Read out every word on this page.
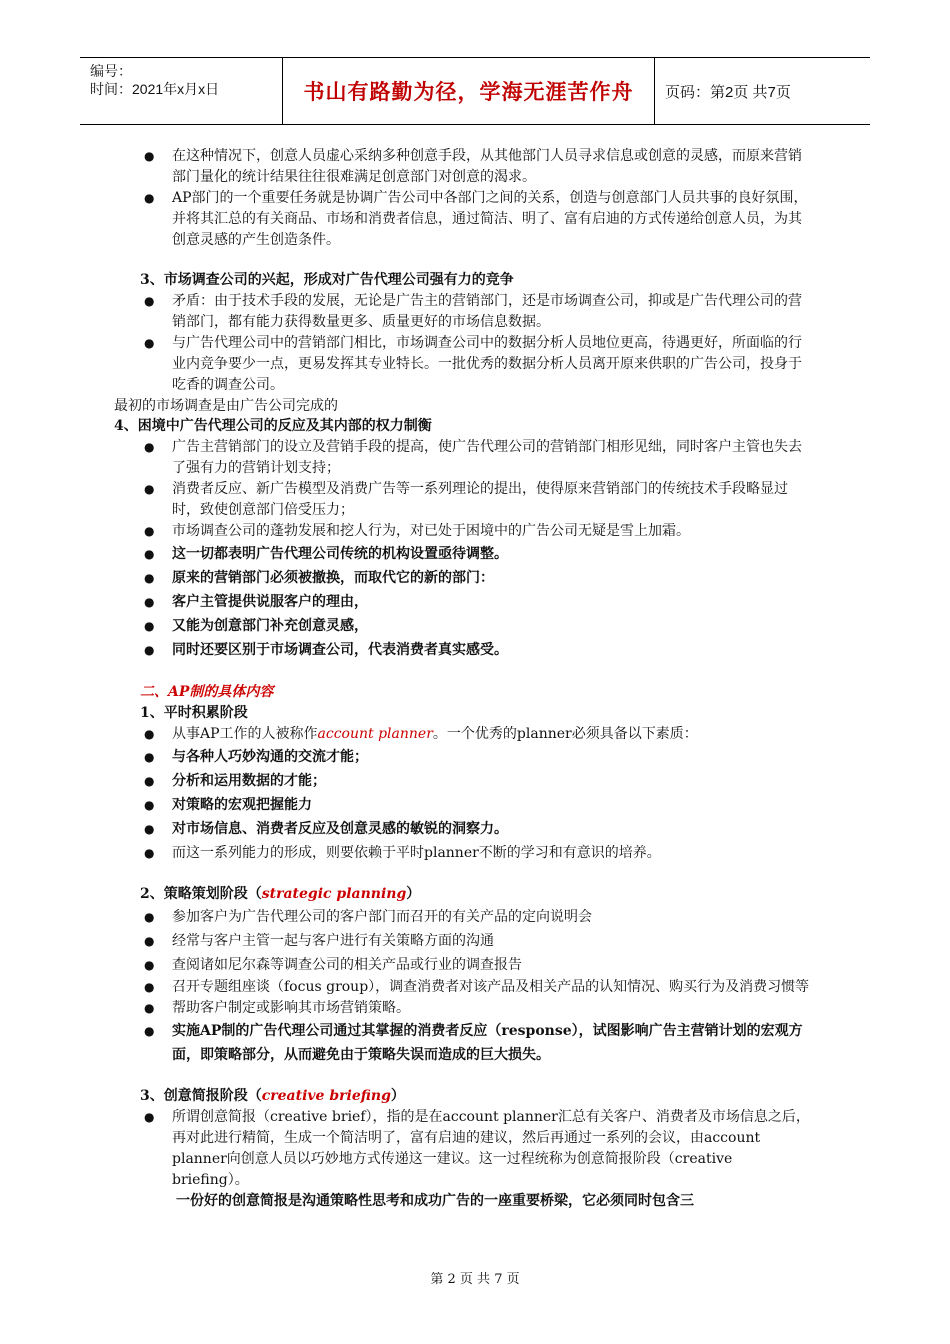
编号：
时间：2021年x月x日	书山有路勤为径，学海无涯苦作舟	页码：第2页 共7页
● 在这种情况下，创意人员虚心采纳多种创意手段，从其他部门人员寻求信息或创意的灵感，而原来营销部门量化的统计结果往往很难满足创意部门对创意的渴求。
● AP部门的一个重要任务就是协调广告公司中各部门之间的关系，创造与创意部门人员共事的良好氛围，并将其汇总的有关商品、市场和消费者信息，通过简洁、明了、富有启迪的方式传递给创意人员，为其创意灵感的产生创造条件。
3、市场调查公司的兴起，形成对广告代理公司强有力的竞争
● 矛盾：由于技术手段的发展，无论是广告主的营销部门，还是市场调查公司，抑或是广告代理公司的营销部门，都有能力获得数量更多、质量更好的市场信息数据。
● 与广告代理公司中的营销部门相比，市场调查公司中的数据分析人员地位更高，待遇更好，所面临的行业内竞争要少一点，更易发挥其专业特长。一批优秀的数据分析人员离开原来供职的广告公司，投身于吃香的调查公司。
最初的市场调查是由广告公司完成的
4、困境中广告代理公司的反应及其内部的权力制衡
● 广告主营销部门的设立及营销手段的提高，使广告代理公司的营销部门相形见绌，同时客户主管也失去了强有力的营销计划支持；
● 消费者反应、新广告模型及消费广告等一系列理论的提出，使得原来营销部门的传统技术手段略显过时，致使创意部门倍受压力；
● 市场调查公司的蓬勃发展和挖人行为，对已处于困境中的广告公司无疑是雪上加霜。
● 这一切都表明广告代理公司传统的机构设置亟待调整。
● 原来的营销部门必须被撤换，而取代它的新的部门：
● 客户主管提供说服客户的理由，
● 又能为创意部门补充创意灵感，
● 同时还要区别于市场调查公司，代表消费者真实感受。
二、AP制的具体内容
1、平时积累阶段
● 从事AP工作的人被称作account planner。一个优秀的planner必须具备以下素质：
● 与各种人巧妙沟通的交流才能；
● 分析和运用数据的才能；
● 对策略的宏观把握能力
● 对市场信息、消费者反应及创意灵感的敏锐的洞察力。
● 而这一系列能力的形成，则要依赖于平时planner不断的学习和有意识的培养。
2、策略策划阶段（strategic planning）
● 参加客户为广告代理公司的客户部门而召开的有关产品的定向说明会
● 经常与客户主管一起与客户进行有关策略方面的沟通
● 查阅诸如尼尔森等调查公司的相关产品或行业的调查报告
● 召开专题组座谈（focus group），调查消费者对该产品及相关产品的认知情况、购买行为及消费习惯等
● 帮助客户制定或影响其市场营销策略。
● 实施AP制的广告代理公司通过其掌握的消费者反应（response），试图影响广告主营销计划的宏观方面，即策略部分，从而避免由于策略失误而造成的巨大损失。
3、创意简报阶段（creative briefing）
● 所谓创意简报（creative brief），指的是在account planner汇总有关客户、消费者及市场信息之后，再对此进行精简，生成一个简洁明了，富有启迪的建议，然后再通过一系列的会议，由account planner向创意人员以巧妙地方式传递这一建议。这一过程统称为创意简报阶段（creative briefing）。
一份好的创意简报是沟通策略性思考和成功广告的一座重要桥梁，它必须同时包含三
第 2 页 共 7 页
